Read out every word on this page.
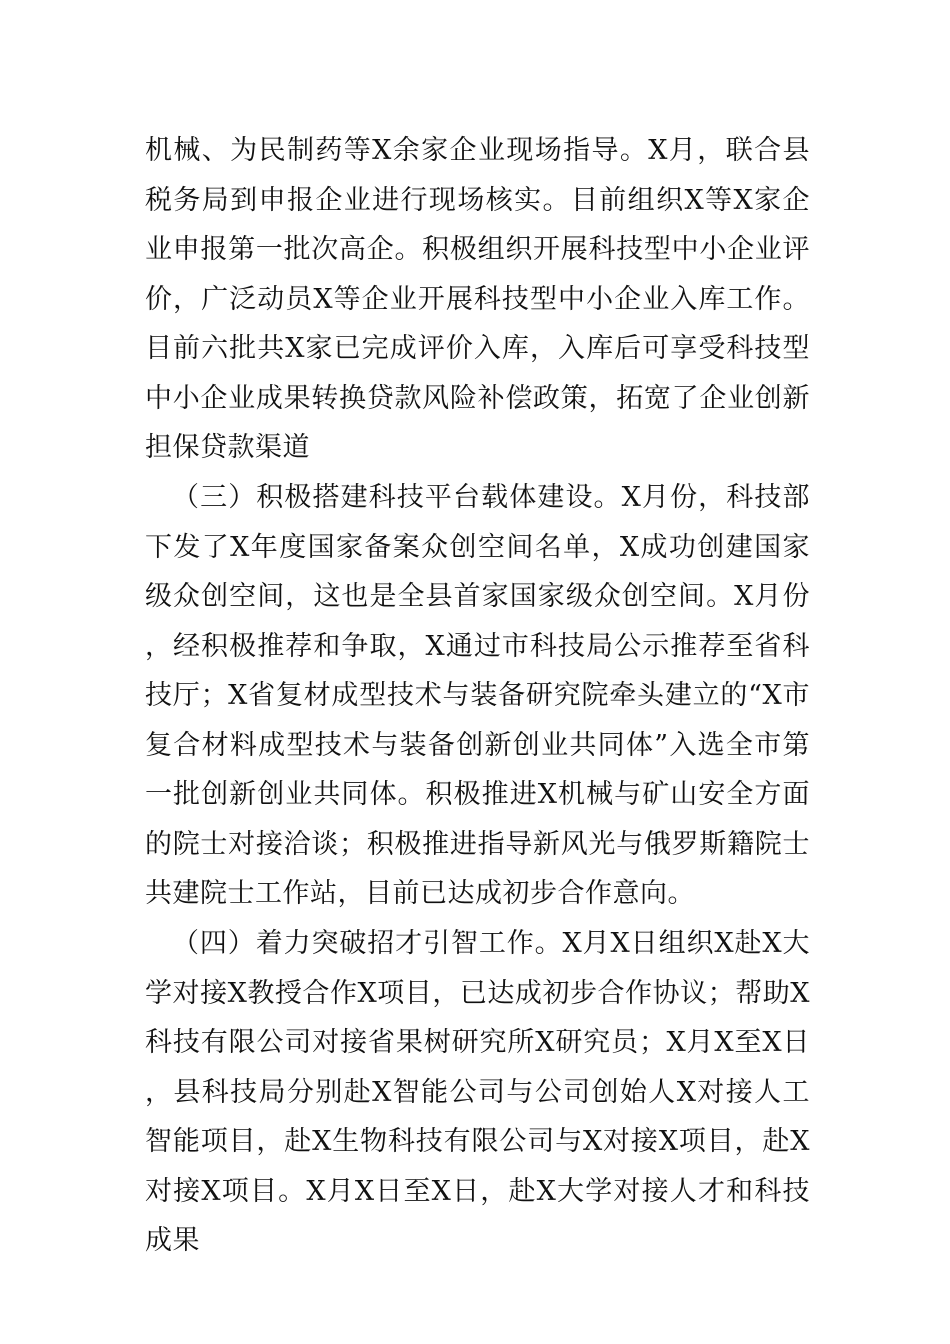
机械、为民制药等X余家企业现场指导。X月，联合县税务局到申报企业进行现场核实。目前组织X等X家企业申报第一批次高企。积极组织开展科技型中小企业评价，广泛动员X等企业开展科技型中小企业入库工作。目前六批共X家已完成评价入库，入库后可享受科技型中小企业成果转换贷款风险补偿政策，拓宽了企业创新担保贷款渠道

（三）积极搭建科技平台载体建设。X月份，科技部下发了X年度国家备案众创空间名单，X成功创建国家级众创空间，这也是全县首家国家级众创空间。X月份，经积极推荐和争取，X通过市科技局公示推荐至省科技厅；X省复材成型技术与装备研究院牵头建立的“X市复合材料成型技术与装备创新创业共同体”入选全市第一批创新创业共同体。积极推进X机械与矿山安全方面的院士对接洽谈；积极推进指导新风光与俄罗斯籍院士共建院士工作站，目前已达成初步合作意向。

（四）着力突破招才引智工作。X月X日组织X赴X大学对接X教授合作X项目，已达成初步合作协议；帮助X科技有限公司对接省果树研究所X研究员；X月X至X日，县科技局分别赴X智能公司与公司创始人X对接人工智能项目，赴X生物科技有限公司与X对接X项目，赴X对接X项目。X月X日至X日，赴X大学对接人才和科技成果
